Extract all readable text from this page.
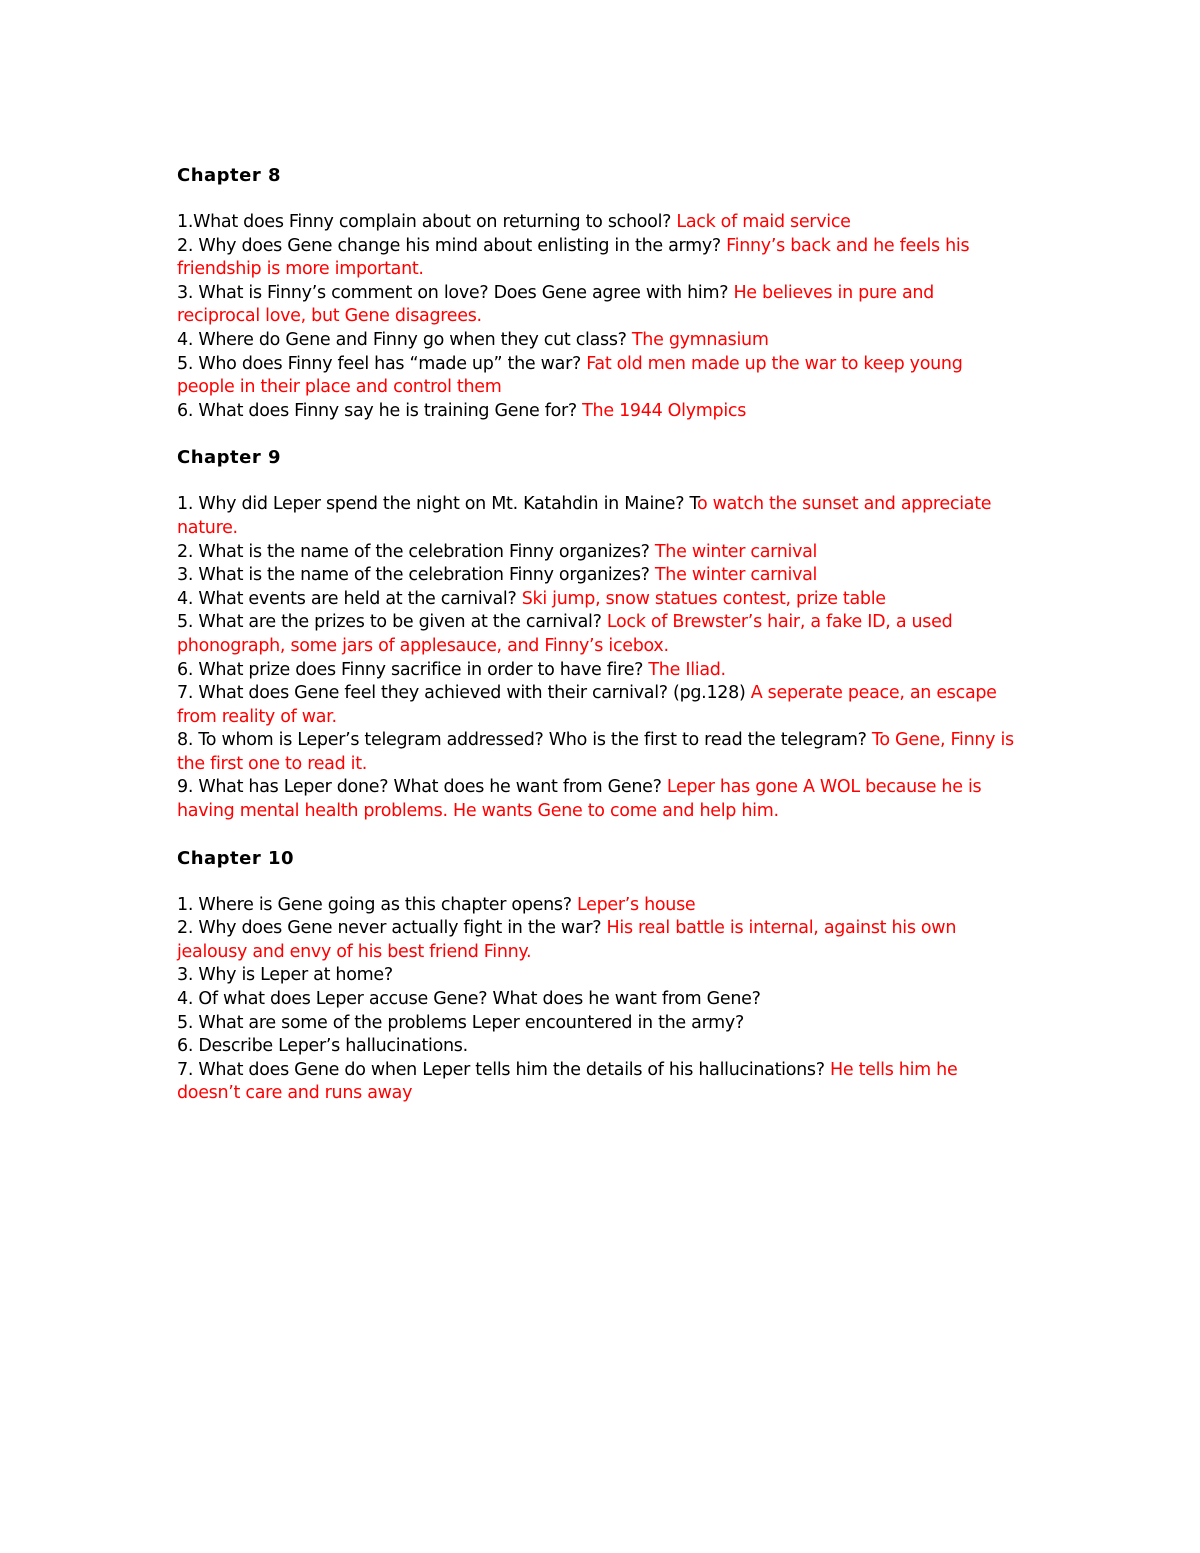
Chapter 8

1.What does Finny complain about on returning to school? Lack of maid service

2. Why does Gene change his mind about enlisting in the army? Finny’s back and he feels his friendship is more important.

3. What is Finny’s comment on love? Does Gene agree with him? He believes in pure and reciprocal love, but Gene disagrees.

4. Where do Gene and Finny go when they cut class? The gymnasium

5. Who does Finny feel has “made up” the war? Fat old men made up the war to keep young people in their place and control them

6. What does Finny say he is training Gene for? The 1944 Olympics

Chapter 9

1. Why did Leper spend the night on Mt. Katahdin in Maine? To watch the sunset and appreciate nature.

2. What is the name of the celebration Finny organizes? The winter carnival

3. What is the name of the celebration Finny organizes? The winter carnival

4. What events are held at the carnival? Ski jump, snow statues contest, prize table

5. What are the prizes to be given at the carnival? Lock of Brewster’s hair, a fake ID, a used phonograph, some jars of applesauce, and Finny’s icebox.

6. What prize does Finny sacrifice in order to have fire? The Iliad.

7. What does Gene feel they achieved with their carnival? (pg.128) A seperate peace, an escape from reality of war.

8. To whom is Leper’s telegram addressed? Who is the first to read the telegram? To Gene, Finny is the first one to read it.

9. What has Leper done? What does he want from Gene? Leper has gone A WOL because he is having mental health problems. He wants Gene to come and help him.

Chapter 10

1. Where is Gene going as this chapter opens? Leper’s house

2. Why does Gene never actually fight in the war? His real battle is internal, against his own jealousy and envy of his best friend Finny.

3. Why is Leper at home?

4. Of what does Leper accuse Gene? What does he want from Gene?

5. What are some of the problems Leper encountered in the army?

6. Describe Leper’s hallucinations.

7. What does Gene do when Leper tells him the details of his hallucinations? He tells him he doesn’t care and runs away
